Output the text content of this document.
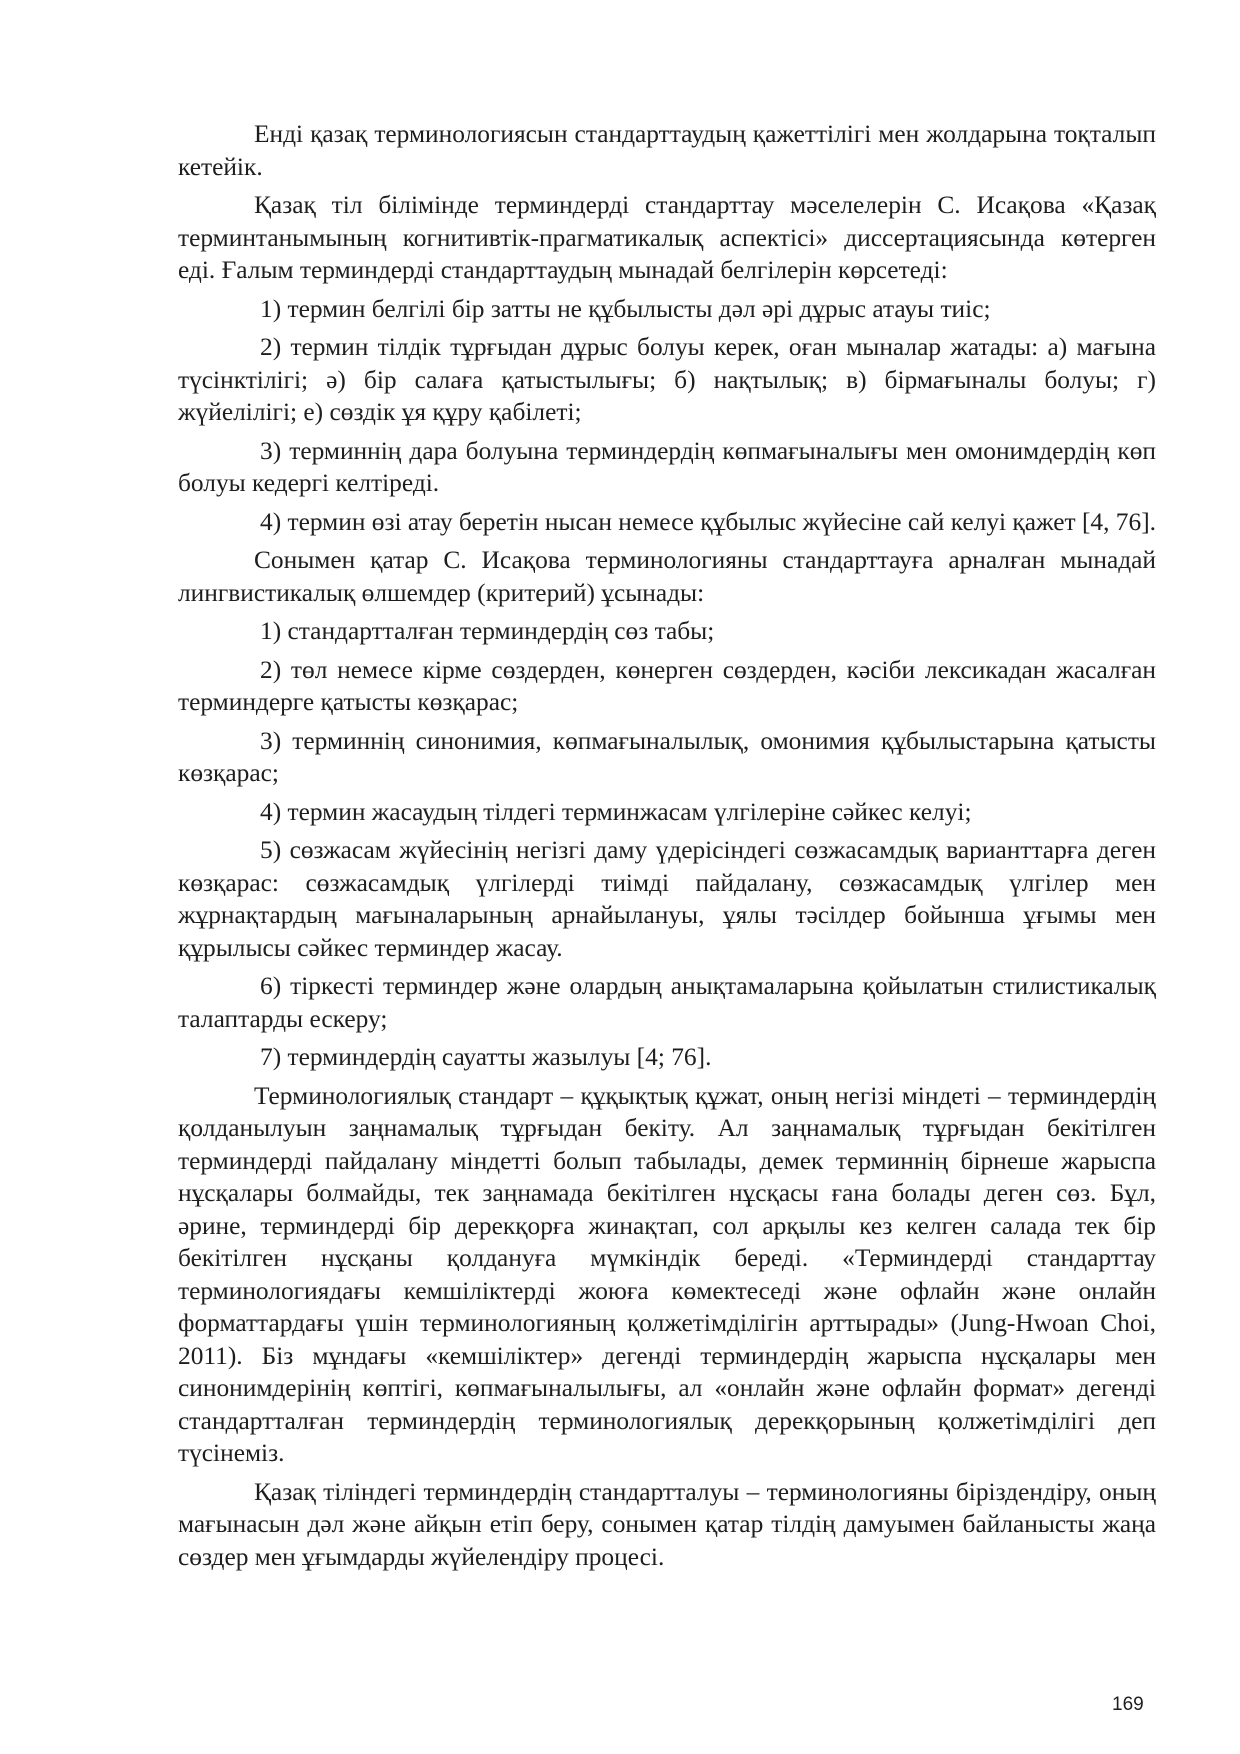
Енді қазақ терминологиясын стандарттаудың қажеттілігі мен жолдарына тоқталып кетейік.

Қазақ тіл білімінде терминдерді стандарттау мәселелерін С. Исақова «Қазақ терминтанымының когнитивтік-прагматикалық аспектісі» диссертациясында көтерген еді. Ғалым терминдерді стандарттаудың мынадай белгілерін көрсетеді:

1) термин белгілі бір затты не құбылысты дәл әрі дұрыс атауы тиіс;

2) термин тілдік тұрғыдан дұрыс болуы керек, оған мыналар жатады: а) мағына түсінктілігі; ә) бір салаға қатыстылығы; б) нақтылық; в) бірмағыналы болуы; г) жүйелілігі; е) сөздік ұя құру қабілеті;

3) терминнің дара болуына терминдердің көпмағыналығы мен омонимдердің көп болуы кедергі келтіреді.

4) термин өзі атау беретін нысан немесе құбылыс жүйесіне сай келуі қажет [4, 76].

Сонымен қатар С. Исақова терминологияны стандарттауға арналған мынадай лингвистикалық өлшемдер (критерий) ұсынады:

1) стандартталған терминдердің сөз табы;

2) төл немесе кірме сөздерден, көнерген сөздерден, кәсіби лексикадан жасалған терминдерге қатысты көзқарас;

3) терминнің синонимия, көпмағыналылық, омонимия құбылыстарына қатысты көзқарас;

4) термин жасаудың тілдегі терминжасам үлгілеріне сәйкес келуі;

5) сөзжасам жүйесінің негізгі даму үдерісіндегі сөзжасамдық варианттарға деген көзқарас: сөзжасамдық үлгілерді тиімді пайдалану, сөзжасамдық үлгілер мен жұрнақтардың мағыналарының арнайылануы, ұялы тәсілдер бойынша ұғымы мен құрылысы сәйкес терминдер жасау.

6) тіркесті терминдер және олардың анықтамаларына қойылатын стилистикалық талаптарды ескеру;

7) терминдердің сауатты жазылуы [4; 76].

Терминологиялық стандарт – құқықтық құжат, оның негізі міндеті – терминдердің қолданылуын заңнамалық тұрғыдан бекіту. Ал заңнамалық тұрғыдан бекітілген терминдерді пайдалану міндетті болып табылады, демек терминнің бірнеше жарыспа нұсқалары болмайды, тек заңнамада бекітілген нұсқасы ғана болады деген сөз. Бұл, әрине, терминдерді бір дерекқорға жинақтап, сол арқылы кез келген салада тек бір бекітілген нұсқаны қолдануға мүмкіндік береді. «Терминдерді стандарттау терминологиядағы кемшіліктерді жоюға көмектеседі және офлайн және онлайн форматтардағы үшін терминологияның қолжетімділігін арттырады» (Jung-Hwoan Choi, 2011). Біз мұндағы «кемшіліктер» дегенді терминдердің жарыспа нұсқалары мен синонимдерінің көптігі, көпмағыналылығы, ал «онлайн және офлайн формат» дегенді стандартталған терминдердің терминологиялық дерекқорының қолжетімділігі деп түсінеміз.

Қазақ тіліндегі терминдердің стандартталуы – терминологияны біріздендіру, оның мағынасын дәл және айқын етіп беру, сонымен қатар тілдің дамуымен байланысты жаңа сөздер мен ұғымдарды жүйелендіру процесі.

169
